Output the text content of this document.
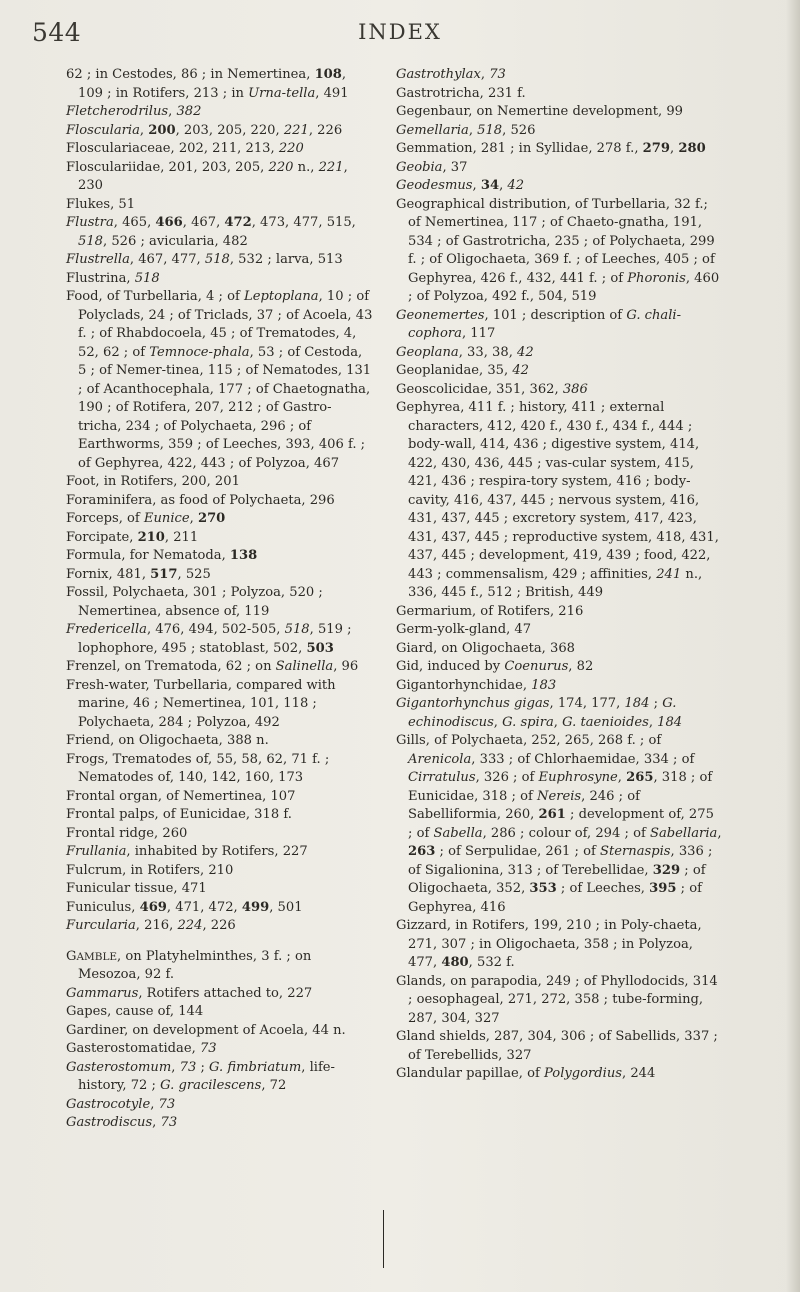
544	INDEX

62 ; in Cestodes, 86 ; in Nemertinea, 108, 109 ; in Rotifers, 213 ; in Urna-tella, 491

Fletcherodrilus, 382

Floscularia, 200, 203, 205, 220, 221, 226

Flosculariaceae, 202, 211, 213, 220

Flosculariidae, 201, 203, 205, 220 n., 221, 230

Flukes, 51

Flustra, 465, 466, 467, 472, 473, 477, 515, 518, 526 ; avicularia, 482

Flustrella, 467, 477, 518, 532 ; larva, 513

Flustrina, 518

Food, of Turbellaria, 4 ; of Leptoplana, 10 ; of Polyclads, 24 ; of Triclads, 37 ; of Acoela, 43 f. ; of Rhabdocoela, 45 ; of Trematodes, 4, 52, 62 ; of Temnoce-phala, 53 ; of Cestoda, 5 ; of Nemer-tinea, 115 ; of Nematodes, 131 ; of Acanthocephala, 177 ; of Chaetognatha, 190 ; of Rotifera, 207, 212 ; of Gastro-tricha, 234 ; of Polychaeta, 296 ; of Earthworms, 359 ; of Leeches, 393, 406 f. ; of Gephyrea, 422, 443 ; of Polyzoa, 467

Foot, in Rotifers, 200, 201

Foraminifera, as food of Polychaeta, 296

Forceps, of Eunice, 270

Forcipate, 210, 211

Formula, for Nematoda, 138

Fornix, 481, 517, 525

Fossil, Polychaeta, 301 ; Polyzoa, 520 ; Nemertinea, absence of, 119

Fredericella, 476, 494, 502-505, 518, 519 ; lophophore, 495 ; statoblast, 502, 503

Frenzel, on Trematoda, 62 ; on Salinella, 96

Fresh-water, Turbellaria, compared with marine, 46 ; Nemertinea, 101, 118 ; Polychaeta, 284 ; Polyzoa, 492

Friend, on Oligochaeta, 388 n.

Frogs, Trematodes of, 55, 58, 62, 71 f. ; Nematodes of, 140, 142, 160, 173

Frontal organ, of Nemertinea, 107

Frontal palps, of Eunicidae, 318 f.

Frontal ridge, 260

Frullania, inhabited by Rotifers, 227

Fulcrum, in Rotifers, 210

Funicular tissue, 471

Funiculus, 469, 471, 472, 499, 501

Furcularia, 216, 224, 226

GAMBLE, on Platyhelminthes, 3 f. ; on Mesozoa, 92 f.

Gammarus, Rotifers attached to, 227

Gapes, cause of, 144

Gardiner, on development of Acoela, 44 n.

Gasterostomatidae, 73

Gasterostomum, 73 ; G. fimbriatum, life-history, 72 ; G. gracilescens, 72

Gastrocotyle, 73

Gastrodiscus, 73

Gastrothylax, 73

Gastrotricha, 231 f.

Gegenbaur, on Nemertine development, 99

Gemellaria, 518, 526

Gemmation, 281 ; in Syllidae, 278 f., 279, 280

Geobia, 37

Geodesmus, 34, 42

Geographical distribution, of Turbellaria, 32 f.; of Nemertinea, 117 ; of Chaeto-gnatha, 191, 534 ; of Gastrotricha, 235 ; of Polychaeta, 299 f. ; of Oligochaeta, 369 f. ; of Leeches, 405 ; of Gephyrea, 426 f., 432, 441 f. ; of Phoronis, 460 ; of Polyzoa, 492 f., 504, 519

Geonemertes, 101 ; description of G. chali-cophora, 117

Geoplana, 33, 38, 42

Geoplanidae, 35, 42

Geoscolicidae, 351, 362, 386

Gephyrea, 411 f. ; history, 411 ; external characters, 412, 420 f., 430 f., 434 f., 444 ; body-wall, 414, 436 ; digestive system, 414, 422, 430, 436, 445 ; vas-cular system, 415, 421, 436 ; respira-tory system, 416 ; body-cavity, 416, 437, 445 ; nervous system, 416, 431, 437, 445 ; excretory system, 417, 423, 431, 437, 445 ; reproductive system, 418, 431, 437, 445 ; development, 419, 439 ; food, 422, 443 ; commensalism, 429 ; affinities, 241 n., 336, 445 f., 512 ; British, 449

Germarium, of Rotifers, 216

Germ-yolk-gland, 47

Giard, on Oligochaeta, 368

Gid, induced by Coenurus, 82

Gigantorhynchidae, 183

Gigantorhynchus gigas, 174, 177, 184 ; G. echinodiscus, G. spira, G. taenioides, 184

Gills, of Polychaeta, 252, 265, 268 f. ; of Arenicola, 333 ; of Chlorhaemidae, 334 ; of Cirratulus, 326 ; of Euphrosyne, 265, 318 ; of Eunicidae, 318 ; of Nereis, 246 ; of Sabelliformia, 260, 261 ; development of, 275 ; of Sabella, 286 ; colour of, 294 ; of Sabellaria, 263 ; of Serpulidae, 261 ; of Sternaspis, 336 ; of Sigalionina, 313 ; of Terebellidae, 329 ; of Oligochaeta, 352, 353 ; of Leeches, 395 ; of Gephyrea, 416

Gizzard, in Rotifers, 199, 210 ; in Poly-chaeta, 271, 307 ; in Oligochaeta, 358 ; in Polyzoa, 477, 480, 532 f.

Glands, on parapodia, 249 ; of Phyllodocids, 314 ; oesophageal, 271, 272, 358 ; tube-forming, 287, 304, 327

Gland shields, 287, 304, 306 ; of Sabellids, 337 ; of Terebellids, 327

Glandular papillae, of Polygordius, 244
